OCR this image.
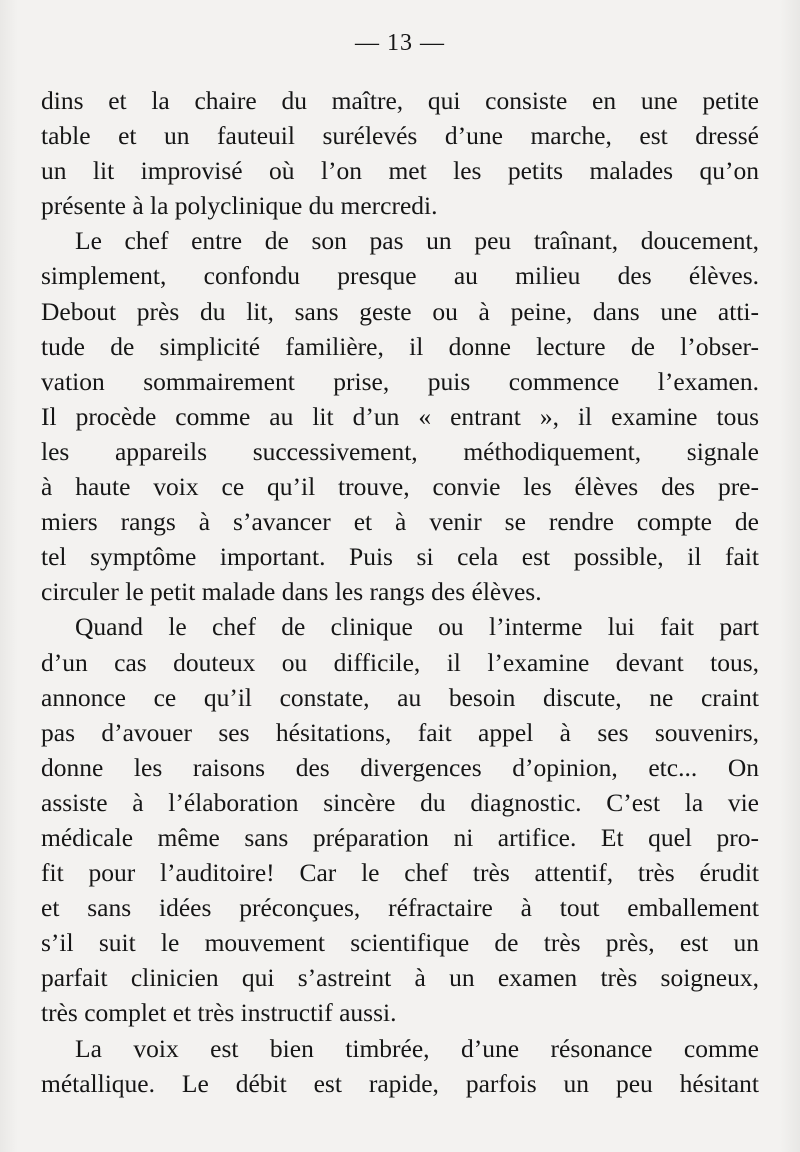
— 13 —
dins et la chaire du maître, qui consiste en une petite
table et un fauteuil surélevés d’une marche, est dressé
un lit improvisé où l’on met les petits malades qu’on
présente à la polyclinique du mercredi.
Le chef entre de son pas un peu traînant, doucement,
simplement, confondu presque au milieu des élèves.
Debout près du lit, sans geste ou à peine, dans une atti-
tude de simplicité familière, il donne lecture de l’obser-
vation sommairement prise, puis commence l’examen.
Il procède comme au lit d’un « entrant », il examine tous
les appareils successivement, méthodiquement, signale
à haute voix ce qu’il trouve, convie les élèves des pre-
miers rangs à s’avancer et à venir se rendre compte de
tel symptôme important. Puis si cela est possible, il fait
circuler le petit malade dans les rangs des élèves.
Quand le chef de clinique ou l’interme lui fait part
d’un cas douteux ou difficile, il l’examine devant tous,
annonce ce qu’il constate, au besoin discute, ne craint
pas d’avouer ses hésitations, fait appel à ses souvenirs,
donne les raisons des divergences d’opinion, etc... On
assiste à l’élaboration sincère du diagnostic. C’est la vie
médicale même sans préparation ni artifice. Et quel pro-
fit pour l’auditoire! Car le chef très attentif, très érudit
et sans idées préconçues, réfractaire à tout emballement
s’il suit le mouvement scientifique de très près, est un
parfait clinicien qui s’astreint à un examen très soigneux,
très complet et très instructif aussi.
La voix est bien timbrée, d’une résonance comme
métallique. Le débit est rapide, parfois un peu hésitant
